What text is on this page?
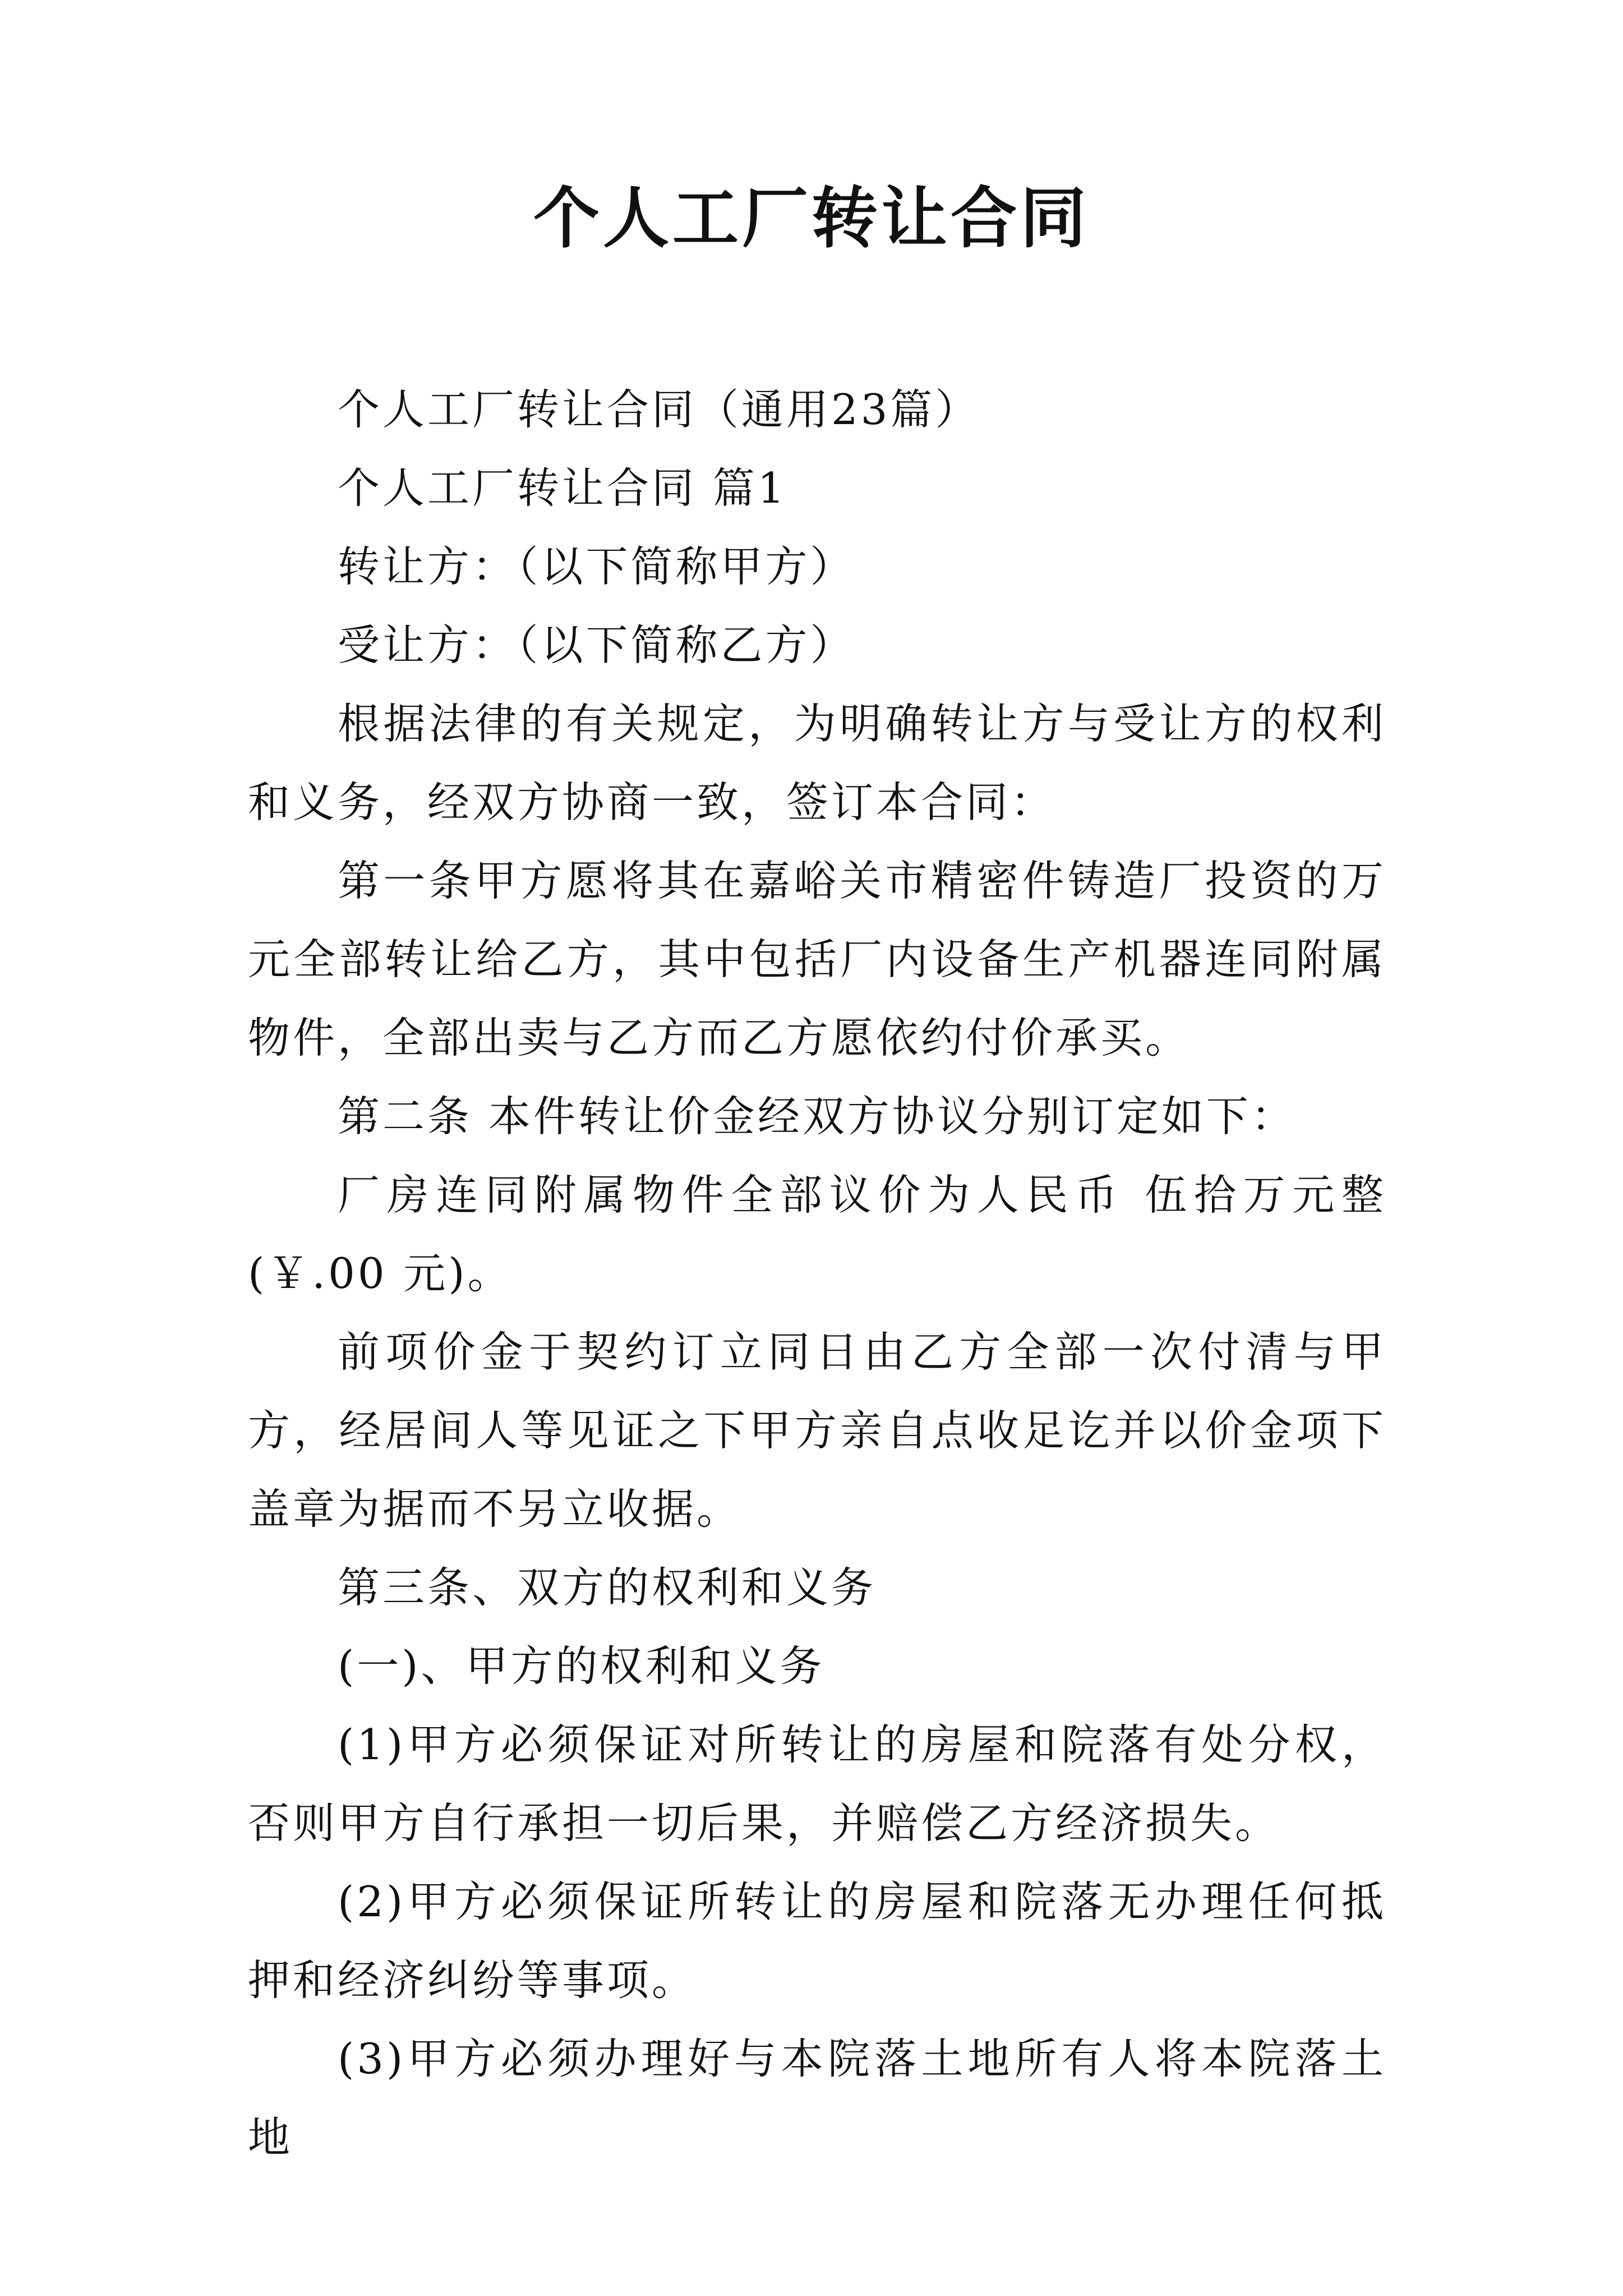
个人工厂转让合同

个人工厂转让合同（通用23篇）

个人工厂转让合同 篇1

转让方：（以下简称甲方）

受让方：（以下简称乙方）

根据法律的有关规定，为明确转让方与受让方的权利和义务，经双方协商一致，签订本合同：

第一条甲方愿将其在嘉峪关市精密件铸造厂投资的万元全部转让给乙方，其中包括厂内设备生产机器连同附属物件，全部出卖与乙方而乙方愿依约付价承买。

第二条 本件转让价金经双方协议分别订定如下：

厂房连同附属物件全部议价为人民币 伍拾万元整(￥.00 元)。

前项价金于契约订立同日由乙方全部一次付清与甲方，经居间人等见证之下甲方亲自点收足讫并以价金项下盖章为据而不另立收据。

第三条、双方的权利和义务

(一)、甲方的权利和义务

(1)甲方必须保证对所转让的房屋和院落有处分权，否则甲方自行承担一切后果，并赔偿乙方经济损失。

(2)甲方必须保证所转让的房屋和院落无办理任何抵押和经济纠纷等事项。

(3)甲方必须办理好与本院落土地所有人将本院落土地
